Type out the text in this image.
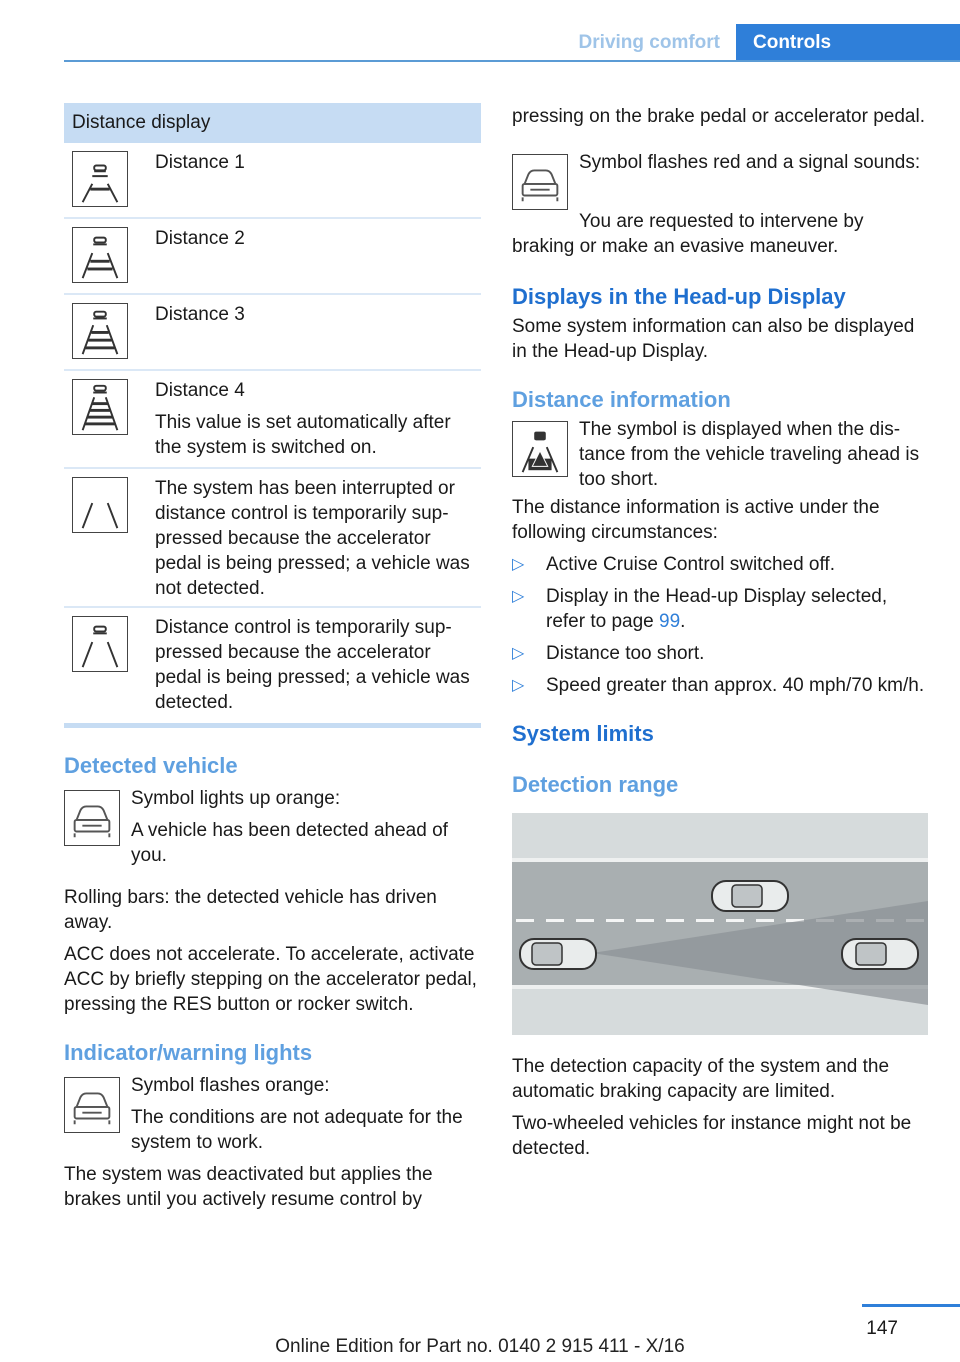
Driving comfort	Controls
Distance display

Distance 1

Distance 2

Distance 3

Distance 4

This value is set automatically after the system is switched on.

The system has been interrupted or distance control is temporarily suppressed because the accelerator pedal is being pressed; a vehicle was not detected.

Distance control is temporarily suppressed because the accelerator pedal is being pressed; a vehicle was detected.

Detected vehicle

Symbol lights up orange:

A vehicle has been detected ahead of you.

Rolling bars: the detected vehicle has driven away.

ACC does not accelerate. To accelerate, activate ACC by briefly stepping on the accelerator pedal, pressing the RES button or rocker switch.

Indicator/warning lights

Symbol flashes orange:

The conditions are not adequate for the system to work.

The system was deactivated but applies the brakes until you actively resume control by

pressing on the brake pedal or accelerator pedal.

Symbol flashes red and a signal sounds:

You are requested to intervene by braking or make an evasive maneuver.

Displays in the Head-up Display

Some system information can also be displayed in the Head-up Display.

Distance information

The symbol is displayed when the distance from the vehicle traveling ahead is too short.

The distance information is active under the following circumstances:

▷ Active Cruise Control switched off.
▷ Display in the Head-up Display selected, refer to page 99.
▷ Distance too short.
▷ Speed greater than approx. 40 mph/70 km/h.
System limits
Detection range

The detection capacity of the system and the automatic braking capacity are limited.

Two-wheeled vehicles for instance might not be detected.

147
Online Edition for Part no. 0140 2 915 411 - X/16
